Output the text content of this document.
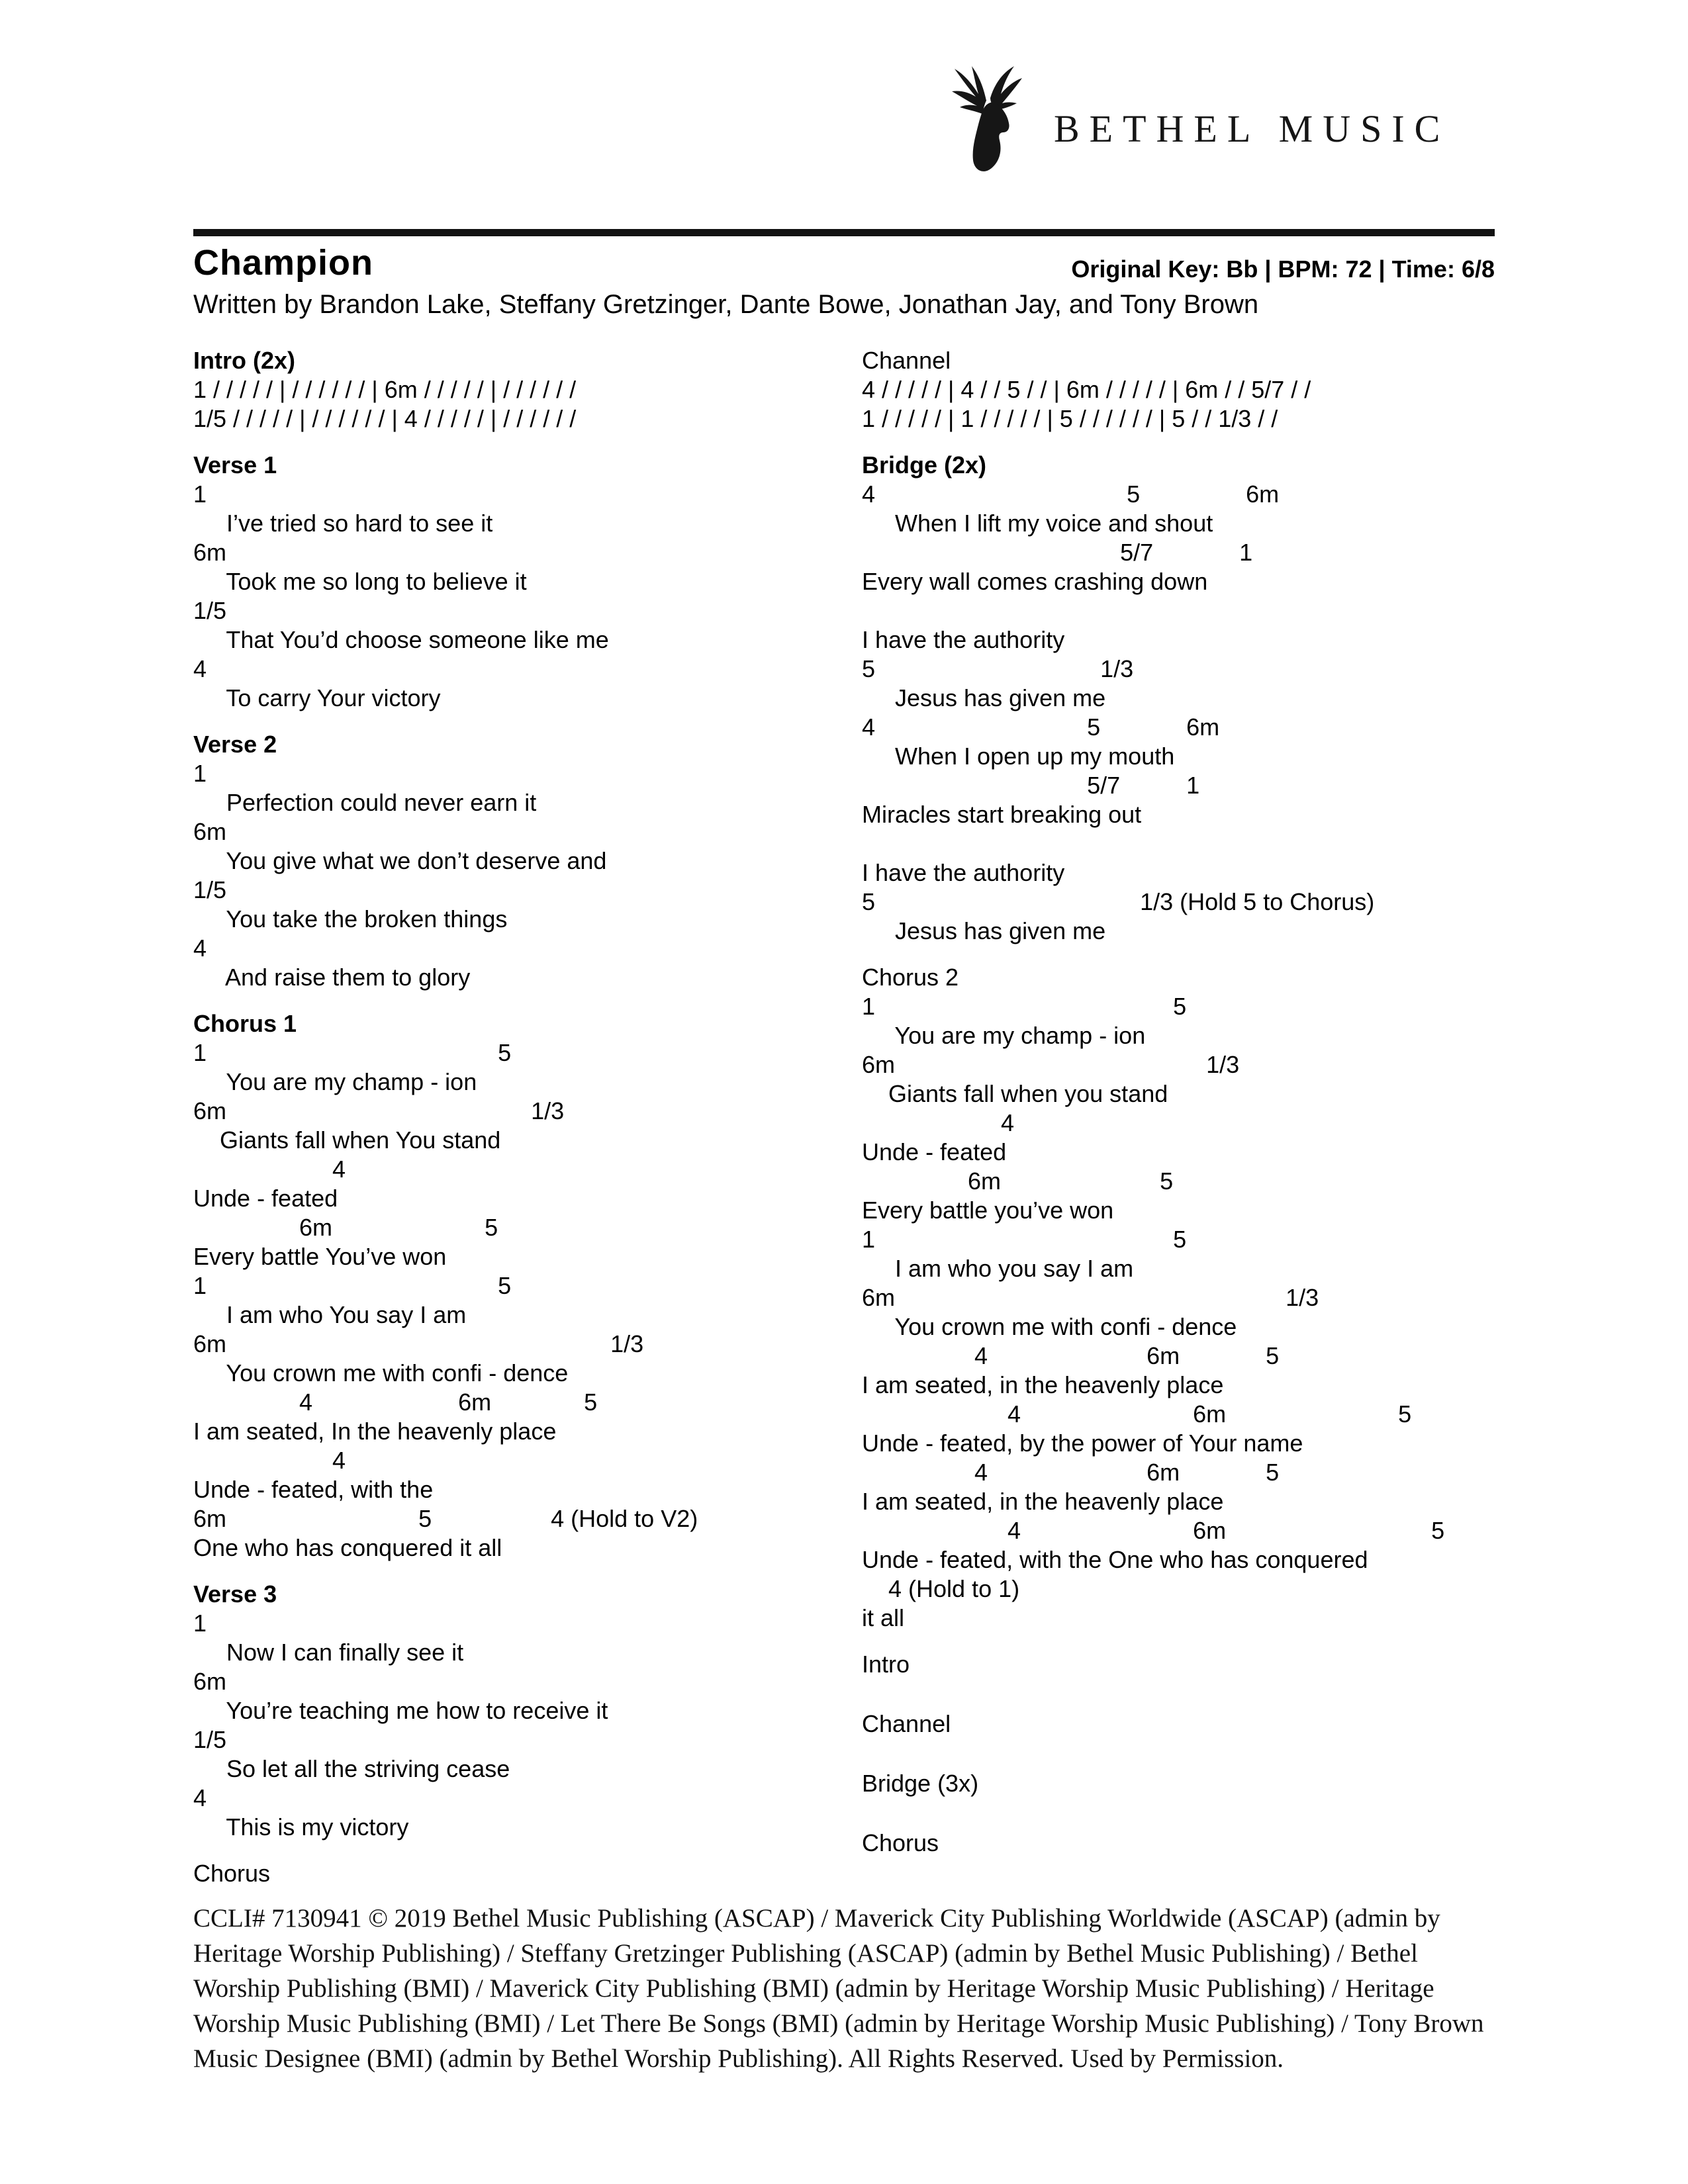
BETHEL MUSIC
Champion	Original Key: Bb | BPM: 72 | Time: 6/8
Written by Brandon Lake, Steffany Gretzinger, Dante Bowe, Jonathan Jay, and Tony Brown
Intro (2x)
1 / / / / / | / / / / / / | 6m / / / / / | / / / / / /
1/5 / / / / / | / / / / / / | 4 / / / / / | / / / / / /
Verse 1
1
I’ve tried so hard to see it
6m
Took me so long to believe it
1/5
That You’d choose someone like me
4
To carry Your victory
Verse 2
1
Perfection could never earn it
6m
You give what we don’t deserve and
1/5
You take the broken things
4
And raise them to glory
Chorus 1
1                                            5
You are my champ - ion
6m                                              1/3
Giants fall when You stand
4
Unde - feated
6m                       5
Every battle You’ve won
1                                            5
I am who You say I am
6m                                                          1/3
You crown me with confi - dence
4                      6m              5
I am seated, In the heavenly place
4
Unde - feated, with the
6m                             5                  4 (Hold to V2)
One who has conquered it all
Verse 3
1
Now I can finally see it
6m
You’re teaching me how to receive it
1/5
So let all the striving cease
4
This is my victory
Chorus
Channel
4 / / / / / | 4 / / 5 / / | 6m / / / / / | 6m / / 5/7 / /
1 / / / / / | 1 / / / / / | 5 / / / / / / | 5 / / 1/3 / /
Bridge (2x)
4                                      5                6m
When I lift my voice and shout
5/7             1
Every wall comes crashing down

I have the authority
5                                  1/3
Jesus has given me
4                                5             6m
When I open up my mouth
5/7          1
Miracles start breaking out

I have the authority
5                                        1/3 (Hold 5 to Chorus)
Jesus has given me
Chorus 2
1                                             5
You are my champ - ion
6m                                               1/3
Giants fall when you stand
4
Unde - feated
6m                        5
Every battle you’ve won
1                                             5
I am who you say I am
6m                                                           1/3
You crown me with confi - dence
4                        6m             5
I am seated, in the heavenly place
4                          6m                          5
Unde - feated, by the power of Your name
4                        6m             5
I am seated, in the heavenly place
4                          6m                               5
Unde - feated, with the One who has conquered
4 (Hold to 1)
it all
Intro
Channel
Bridge (3x)
Chorus
CCLI# 7130941 © 2019 Bethel Music Publishing (ASCAP) / Maverick City Publishing Worldwide (ASCAP) (admin by Heritage Worship Publishing) / Steffany Gretzinger Publishing (ASCAP) (admin by Bethel Music Publishing) / Bethel Worship Publishing (BMI) / Maverick City Publishing (BMI) (admin by Heritage Worship Music Publishing) / Heritage Worship Music Publishing (BMI) / Let There Be Songs (BMI) (admin by Heritage Worship Music Publishing) / Tony Brown Music Designee (BMI) (admin by Bethel Worship Publishing). All Rights Reserved. Used by Permission.
